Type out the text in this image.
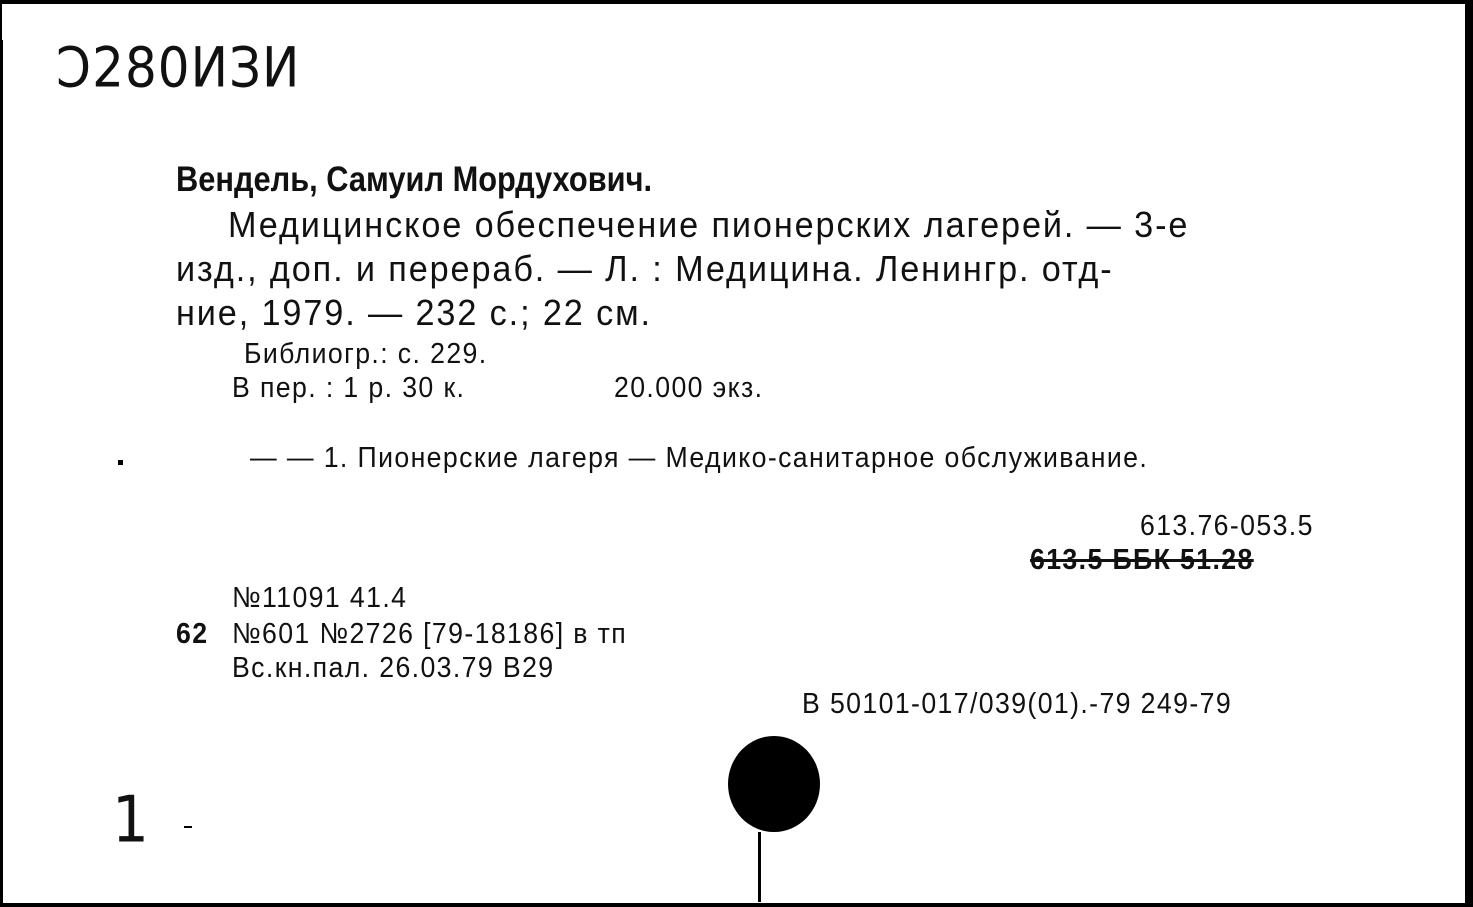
Ɔ280ИЗИ
Вендель, Самуил Мордухович.
Медицинское обеспечение пионерских лагерей. — 3-е
изд., доп. и перераб. — Л. : Медицина. Ленингр. отд-
ние, 1979. — 232 с.; 22 см.
Библиогр.: с. 229.
В пер. : 1 р. 30 к.	20.000 экз.
— — 1. Пионерские лагеря — Медико-санитарное обслуживание.
613.76-053.5
613.5 ББК 51.28
№11091 41.4
62 №601 №2726 [79-18186] в тп
Вс.кн.пал. 26.03.79 В29
В 50101-017/039(01).-79 249-79
1
